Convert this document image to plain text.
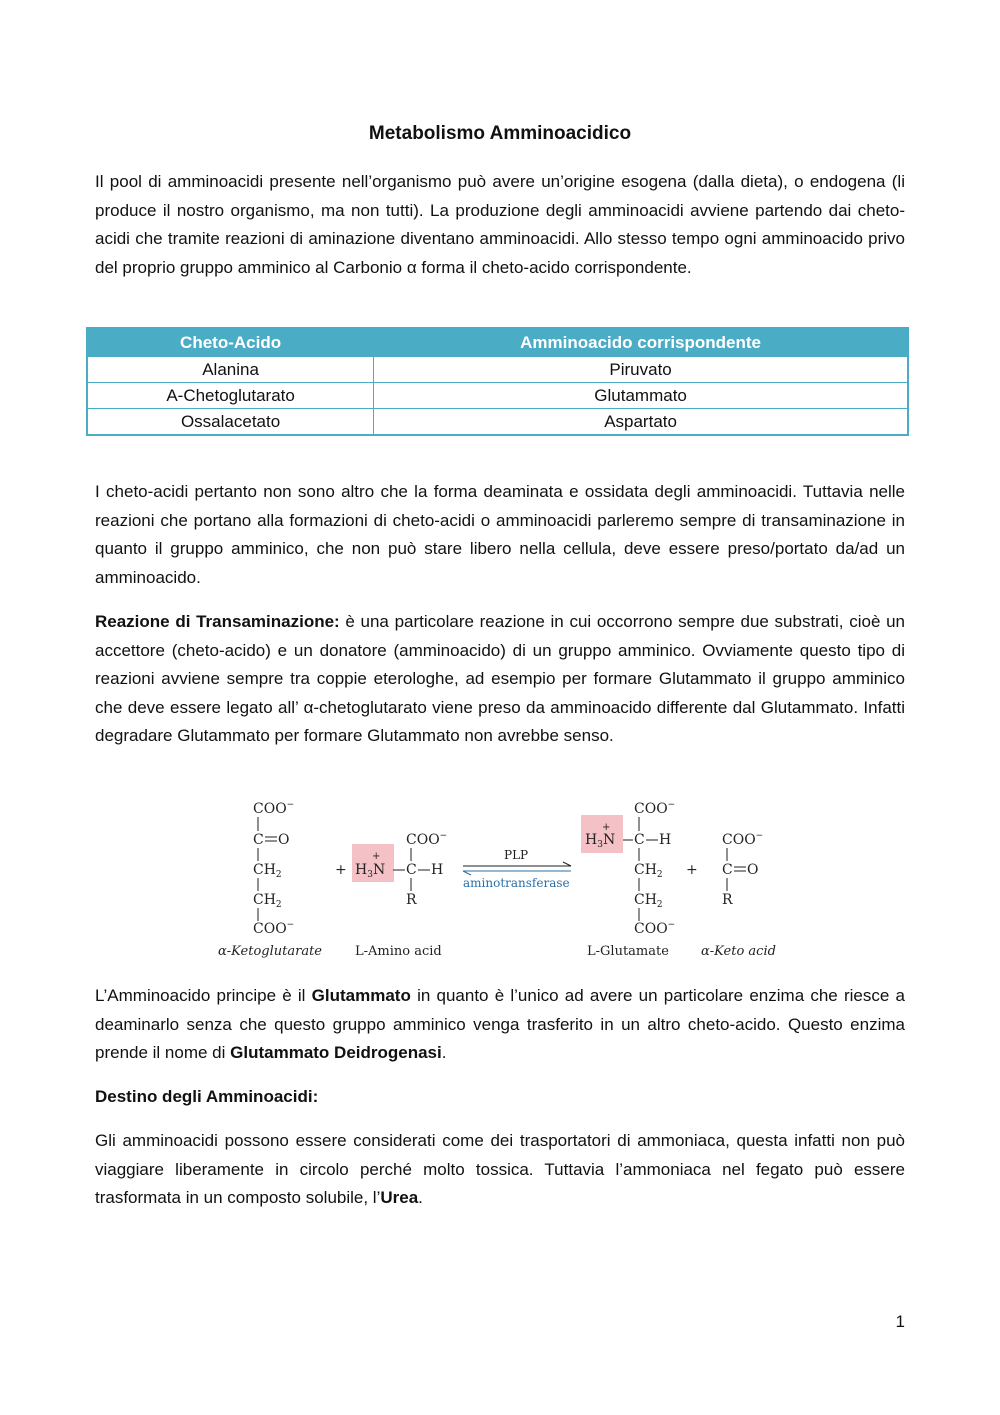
Metabolismo Amminoacidico

Il pool di amminoacidi presente nell’organismo può avere un’origine esogena (dalla dieta), o endogena (li produce il nostro organismo, ma non tutti). La produzione degli amminoacidi avviene partendo dai cheto-acidi che tramite reazioni di aminazione diventano amminoacidi. Allo stesso tempo ogni amminoacido privo del proprio gruppo amminico al Carbonio α forma il cheto-acido corrispondente.

Cheto-Acido	Amminoacido corrispondente
Alanina	Piruvato
A-Chetoglutarato	Glutammato
Ossalacetato	Aspartato

I cheto-acidi pertanto non sono altro che la forma deaminata e ossidata degli amminoacidi. Tuttavia nelle reazioni che portano alla formazioni di cheto-acidi o amminoacidi parleremo sempre di transaminazione in quanto il gruppo amminico, che non può stare libero nella cellula, deve essere preso/portato da/ad un amminoacido.

Reazione di Transaminazione: è una particolare reazione in cui occorrono sempre due substrati, cioè un accettore (cheto-acido) e un donatore (amminoacido) di un gruppo amminico. Ovviamente questo tipo di reazioni avviene sempre tra coppie eterologhe, ad esempio per formare Glutammato il gruppo amminico che deve essere legato all’ α-chetoglutarato viene preso da amminoacido differente dal Glutammato. Infatti degradare Glutammato per formare Glutammato non avrebbe senso.

COO−
C O
$CH_2$
$CH_2$
COO−
α-Ketoglutarate
+
+
$H_3N$ C H
COO−
R
L-Amino acid
PLP
aminotransferase
+
$H_3N$ C H
COO−
$CH_2$
$CH_2$
COO−
L-Glutamate
+
COO−
C O
R
α-Keto acid

L’Amminoacido principe è il Glutammato in quanto è l’unico ad avere un particolare enzima che riesce a deaminarlo senza che questo gruppo amminico venga trasferito in un altro cheto-acido. Questo enzima prende il nome di Glutammato Deidrogenasi.

Destino degli Amminoacidi:

Gli amminoacidi possono essere considerati come dei trasportatori di ammoniaca, questa infatti non può viaggiare liberamente in circolo perché molto tossica. Tuttavia l’ammoniaca nel fegato può essere trasformata in un composto solubile, l’Urea.

1
